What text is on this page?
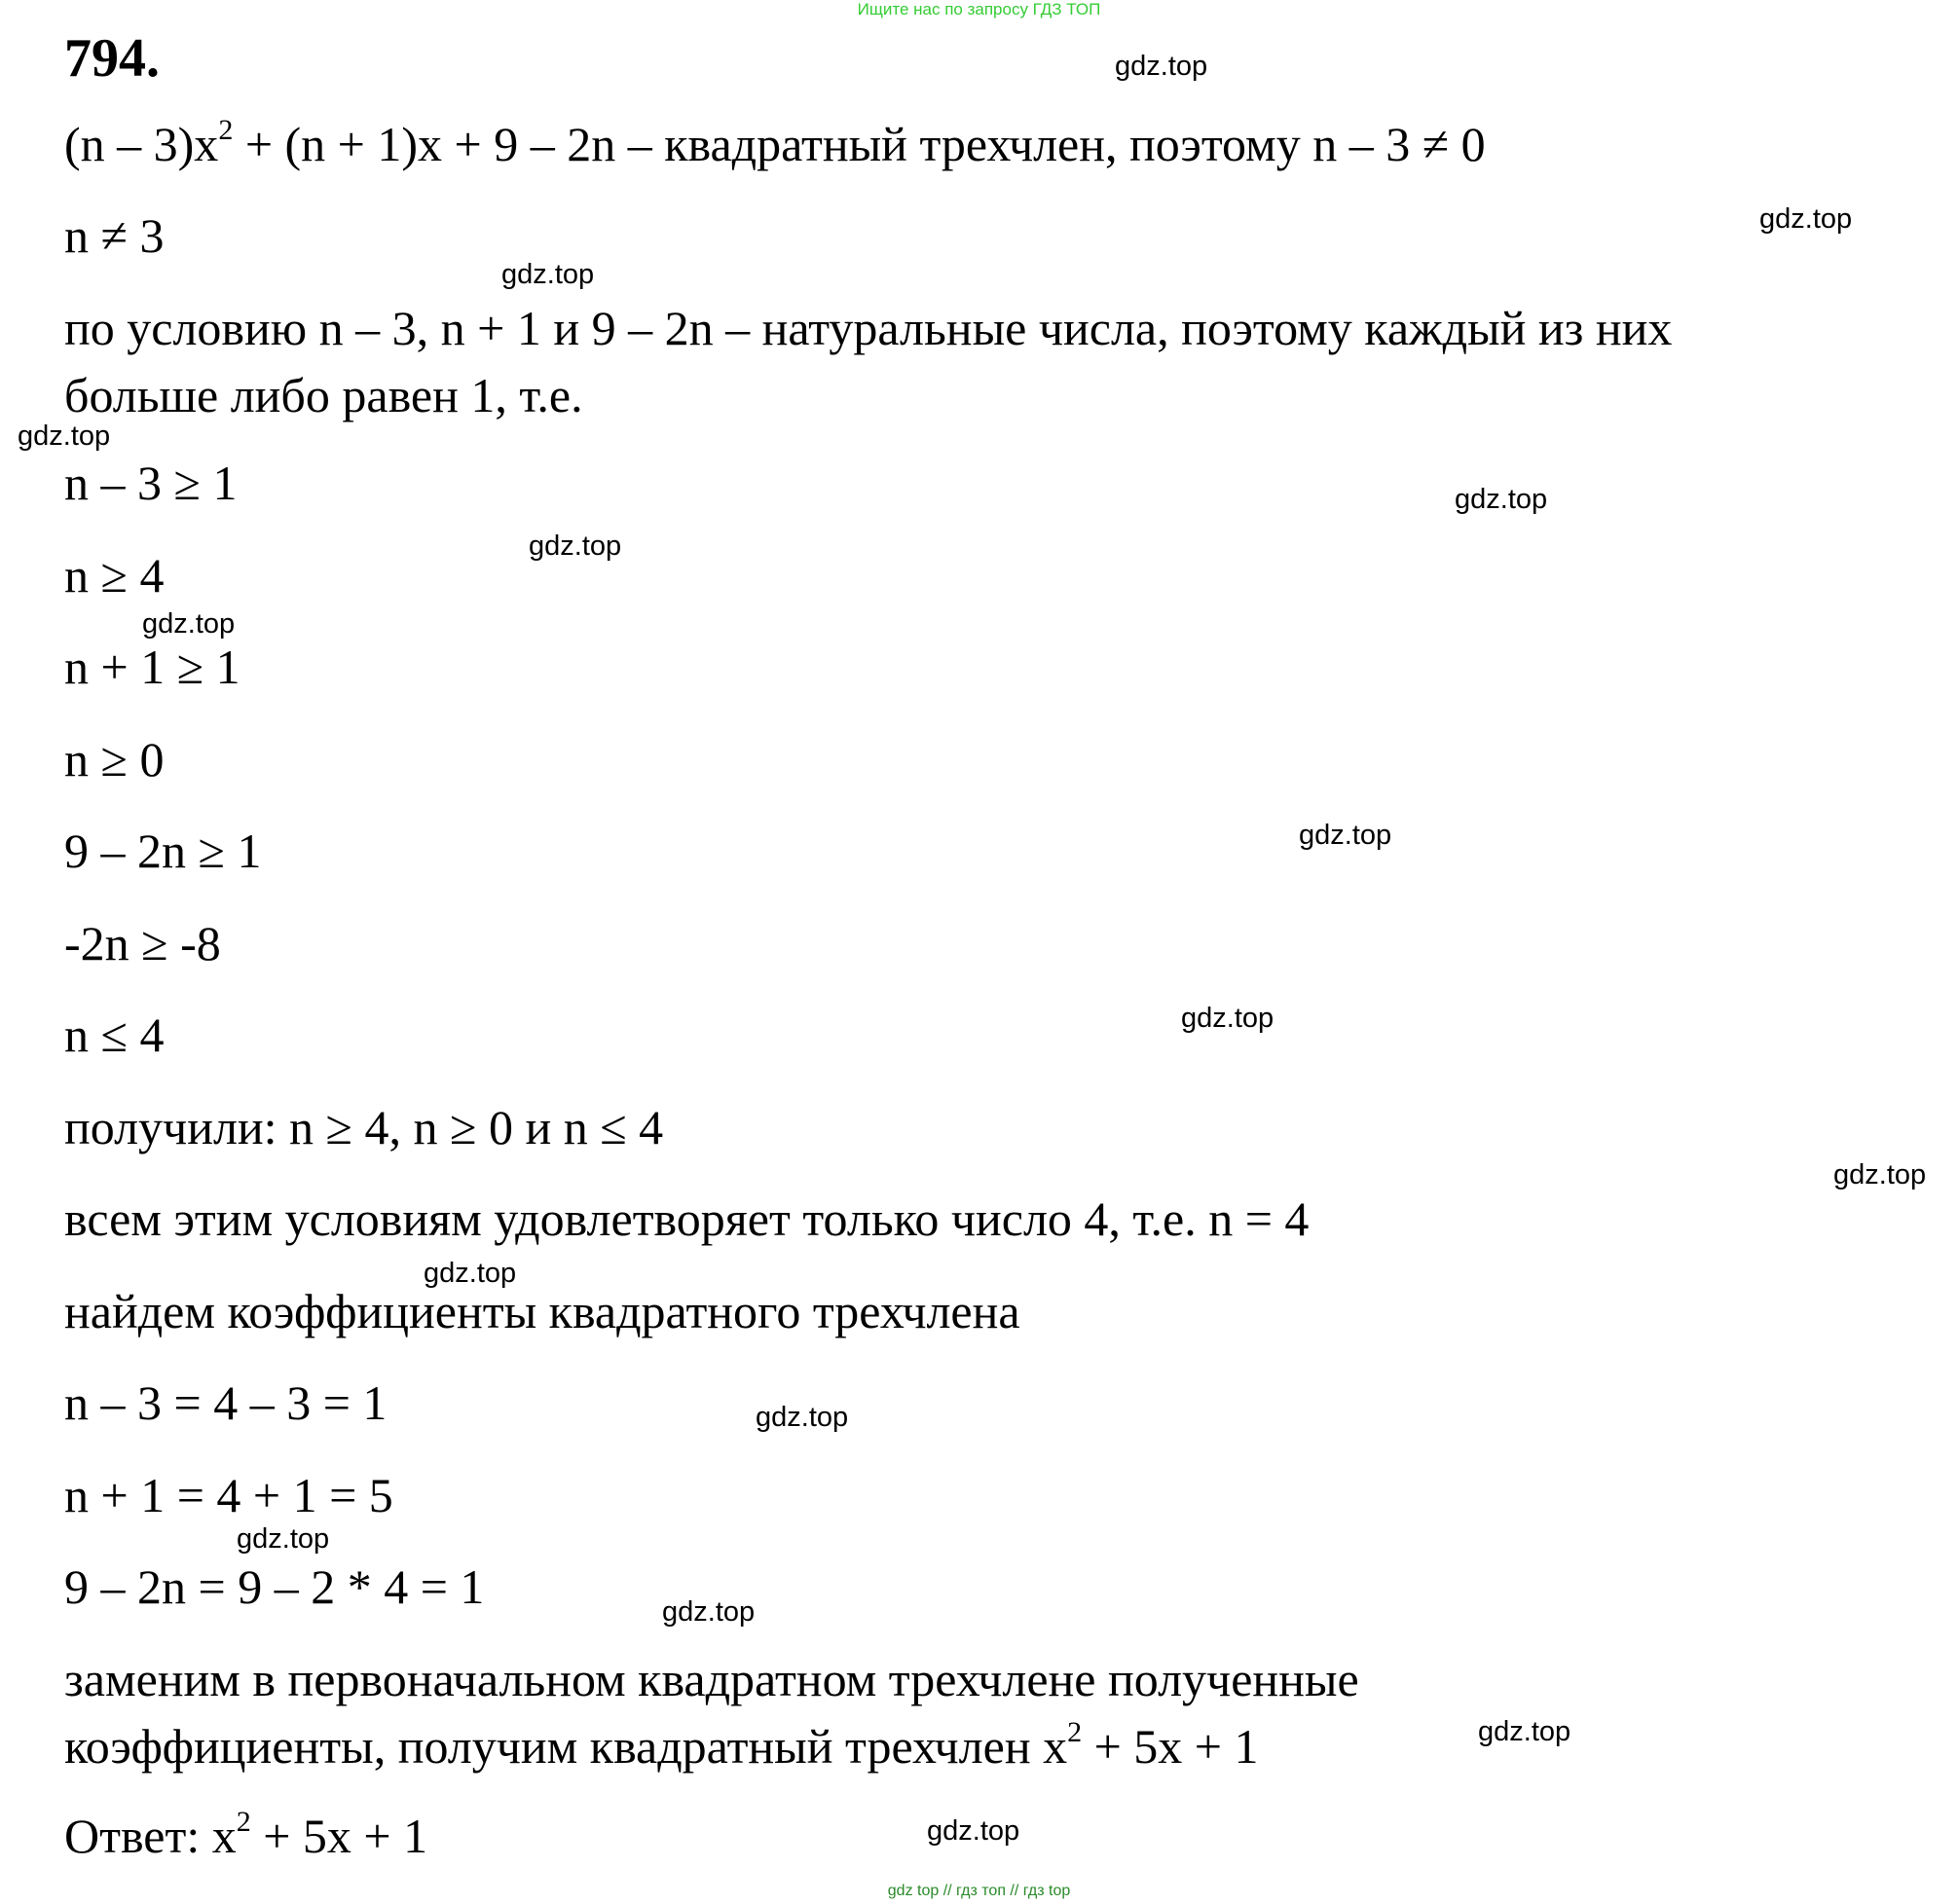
Ищите нас по запросу ГДЗ ТОП
794.
$(n - 3)x^2 + (n + 1)x + 9 - 2n$ – квадратный трехчлен, поэтому n – 3 ≠ 0
n ≠ 3
по условию n – 3, n + 1 и 9 – 2n – натуральные числа, поэтому каждый из них
больше либо равен 1, т.е.
n – 3 ≥ 1
n ≥ 4
n + 1 ≥ 1
n ≥ 0
9 – 2n ≥ 1
-2n ≥ -8
n ≤ 4
получили: n ≥ 4, n ≥ 0 и n ≤ 4
всем этим условиям удовлетворяет только число 4, т.е. n = 4
найдем коэффициенты квадратного трехчлена
n – 3 = 4 – 3 = 1
n + 1 = 4 + 1 = 5
9 – 2n = 9 – 2 * 4 = 1
заменим в первоначальном квадратном трехчлене полученные
коэффициенты, получим квадратный трехчлен $x^2 + 5x + 1$
Ответ: $x^2 + 5x + 1$
gdz.top
gdz.top
gdz.top
gdz.top
gdz.top
gdz.top
gdz.top
gdz.top
gdz.top
gdz.top
gdz.top
gdz.top
gdz.top
gdz.top
gdz.top
gdz.top
gdz top // гдз топ // гдз top
